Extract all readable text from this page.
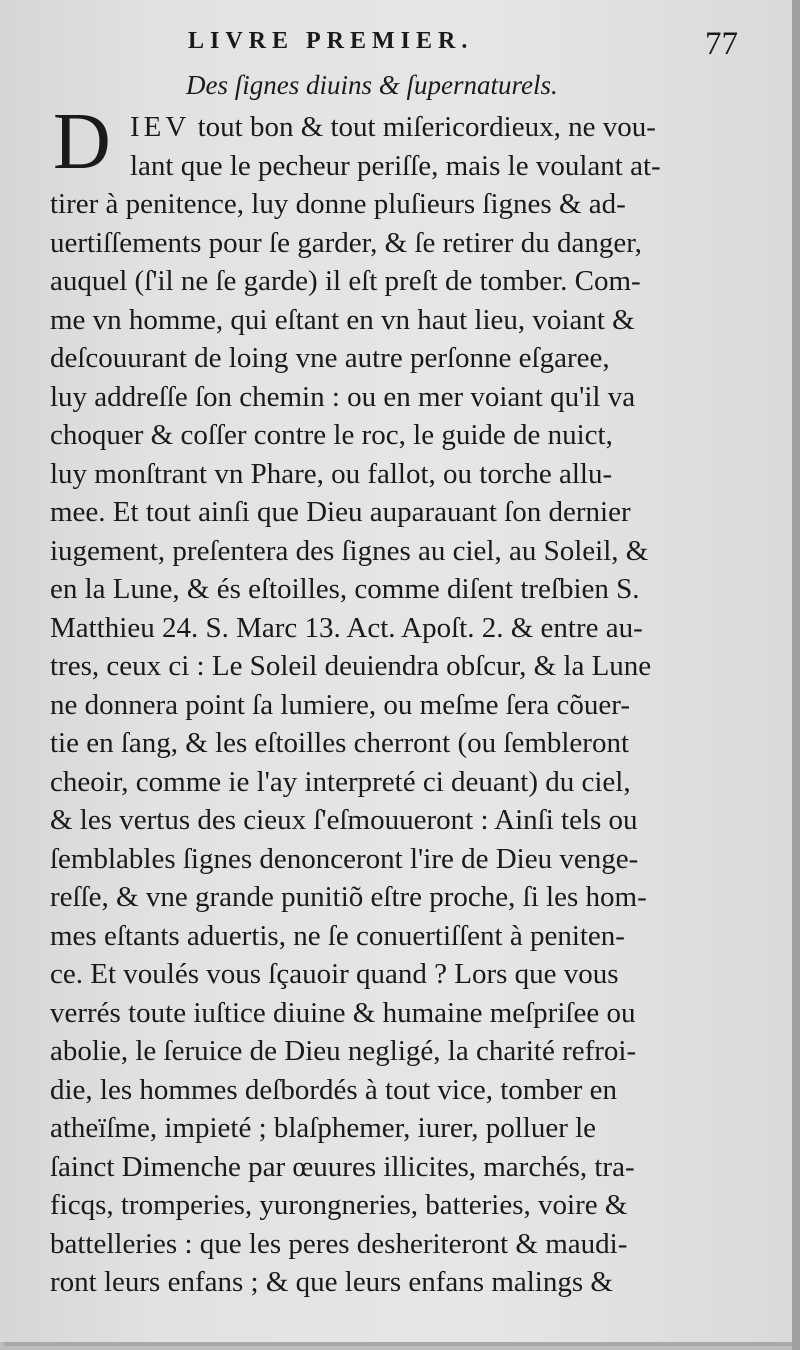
LIVRE PREMIER.	77
Des ſignes diuins & ſupernaturels.
D IEV tout bon & tout miſericordieux, ne vou-
lant que le pecheur periſſe, mais le voulant at-
tirer à penitence, luy donne pluſieurs ſignes & ad-
uertiſſements pour ſe garder, & ſe retirer du danger,
auquel (ſ'il ne ſe garde) il eſt preſt de tomber. Com-
me vn homme, qui eſtant en vn haut lieu, voiant &
deſcouurant de loing vne autre perſonne eſgaree,
luy addreſſe ſon chemin : ou en mer voiant qu'il va
choquer & coſſer contre le roc, le guide de nuict,
luy monſtrant vn Phare, ou fallot, ou torche allu-
mee. Et tout ainſi que Dieu auparauant ſon dernier
iugement, preſentera des ſignes au ciel, au Soleil, &
en la Lune, & és eſtoilles, comme diſent treſbien S.
Matthieu 24. S. Marc 13. Act. Apoſt. 2. & entre au-
tres, ceux ci : Le Soleil deuiendra obſcur, & la Lune
ne donnera point ſa lumiere, ou meſme ſera cõuer-
tie en ſang, & les eſtoilles cherront (ou ſembleront
cheoir, comme ie l'ay interpreté ci deuant) du ciel,
& les vertus des cieux ſ'eſmouueront : Ainſi tels ou
ſemblables ſignes denonceront l'ire de Dieu venge-
reſſe, & vne grande punitiõ eſtre proche, ſi les hom-
mes eſtants aduertis, ne ſe conuertiſſent à peniten-
ce. Et voulés vous ſçauoir quand ? Lors que vous
verrés toute iuſtice diuine & humaine meſpriſee ou
abolie, le ſeruice de Dieu negligé, la charité refroi-
die, les hommes deſbordés à tout vice, tomber en
atheïſme, impieté ; blaſphemer, iurer, polluer le
ſainct Dimenche par œuures illicites, marchés, tra-
ficqs, tromperies, yurongneries, batteries, voire &
battelleries : que les peres desheriteront & maudi-
ront leurs enfans ; & que leurs enfans malings &
